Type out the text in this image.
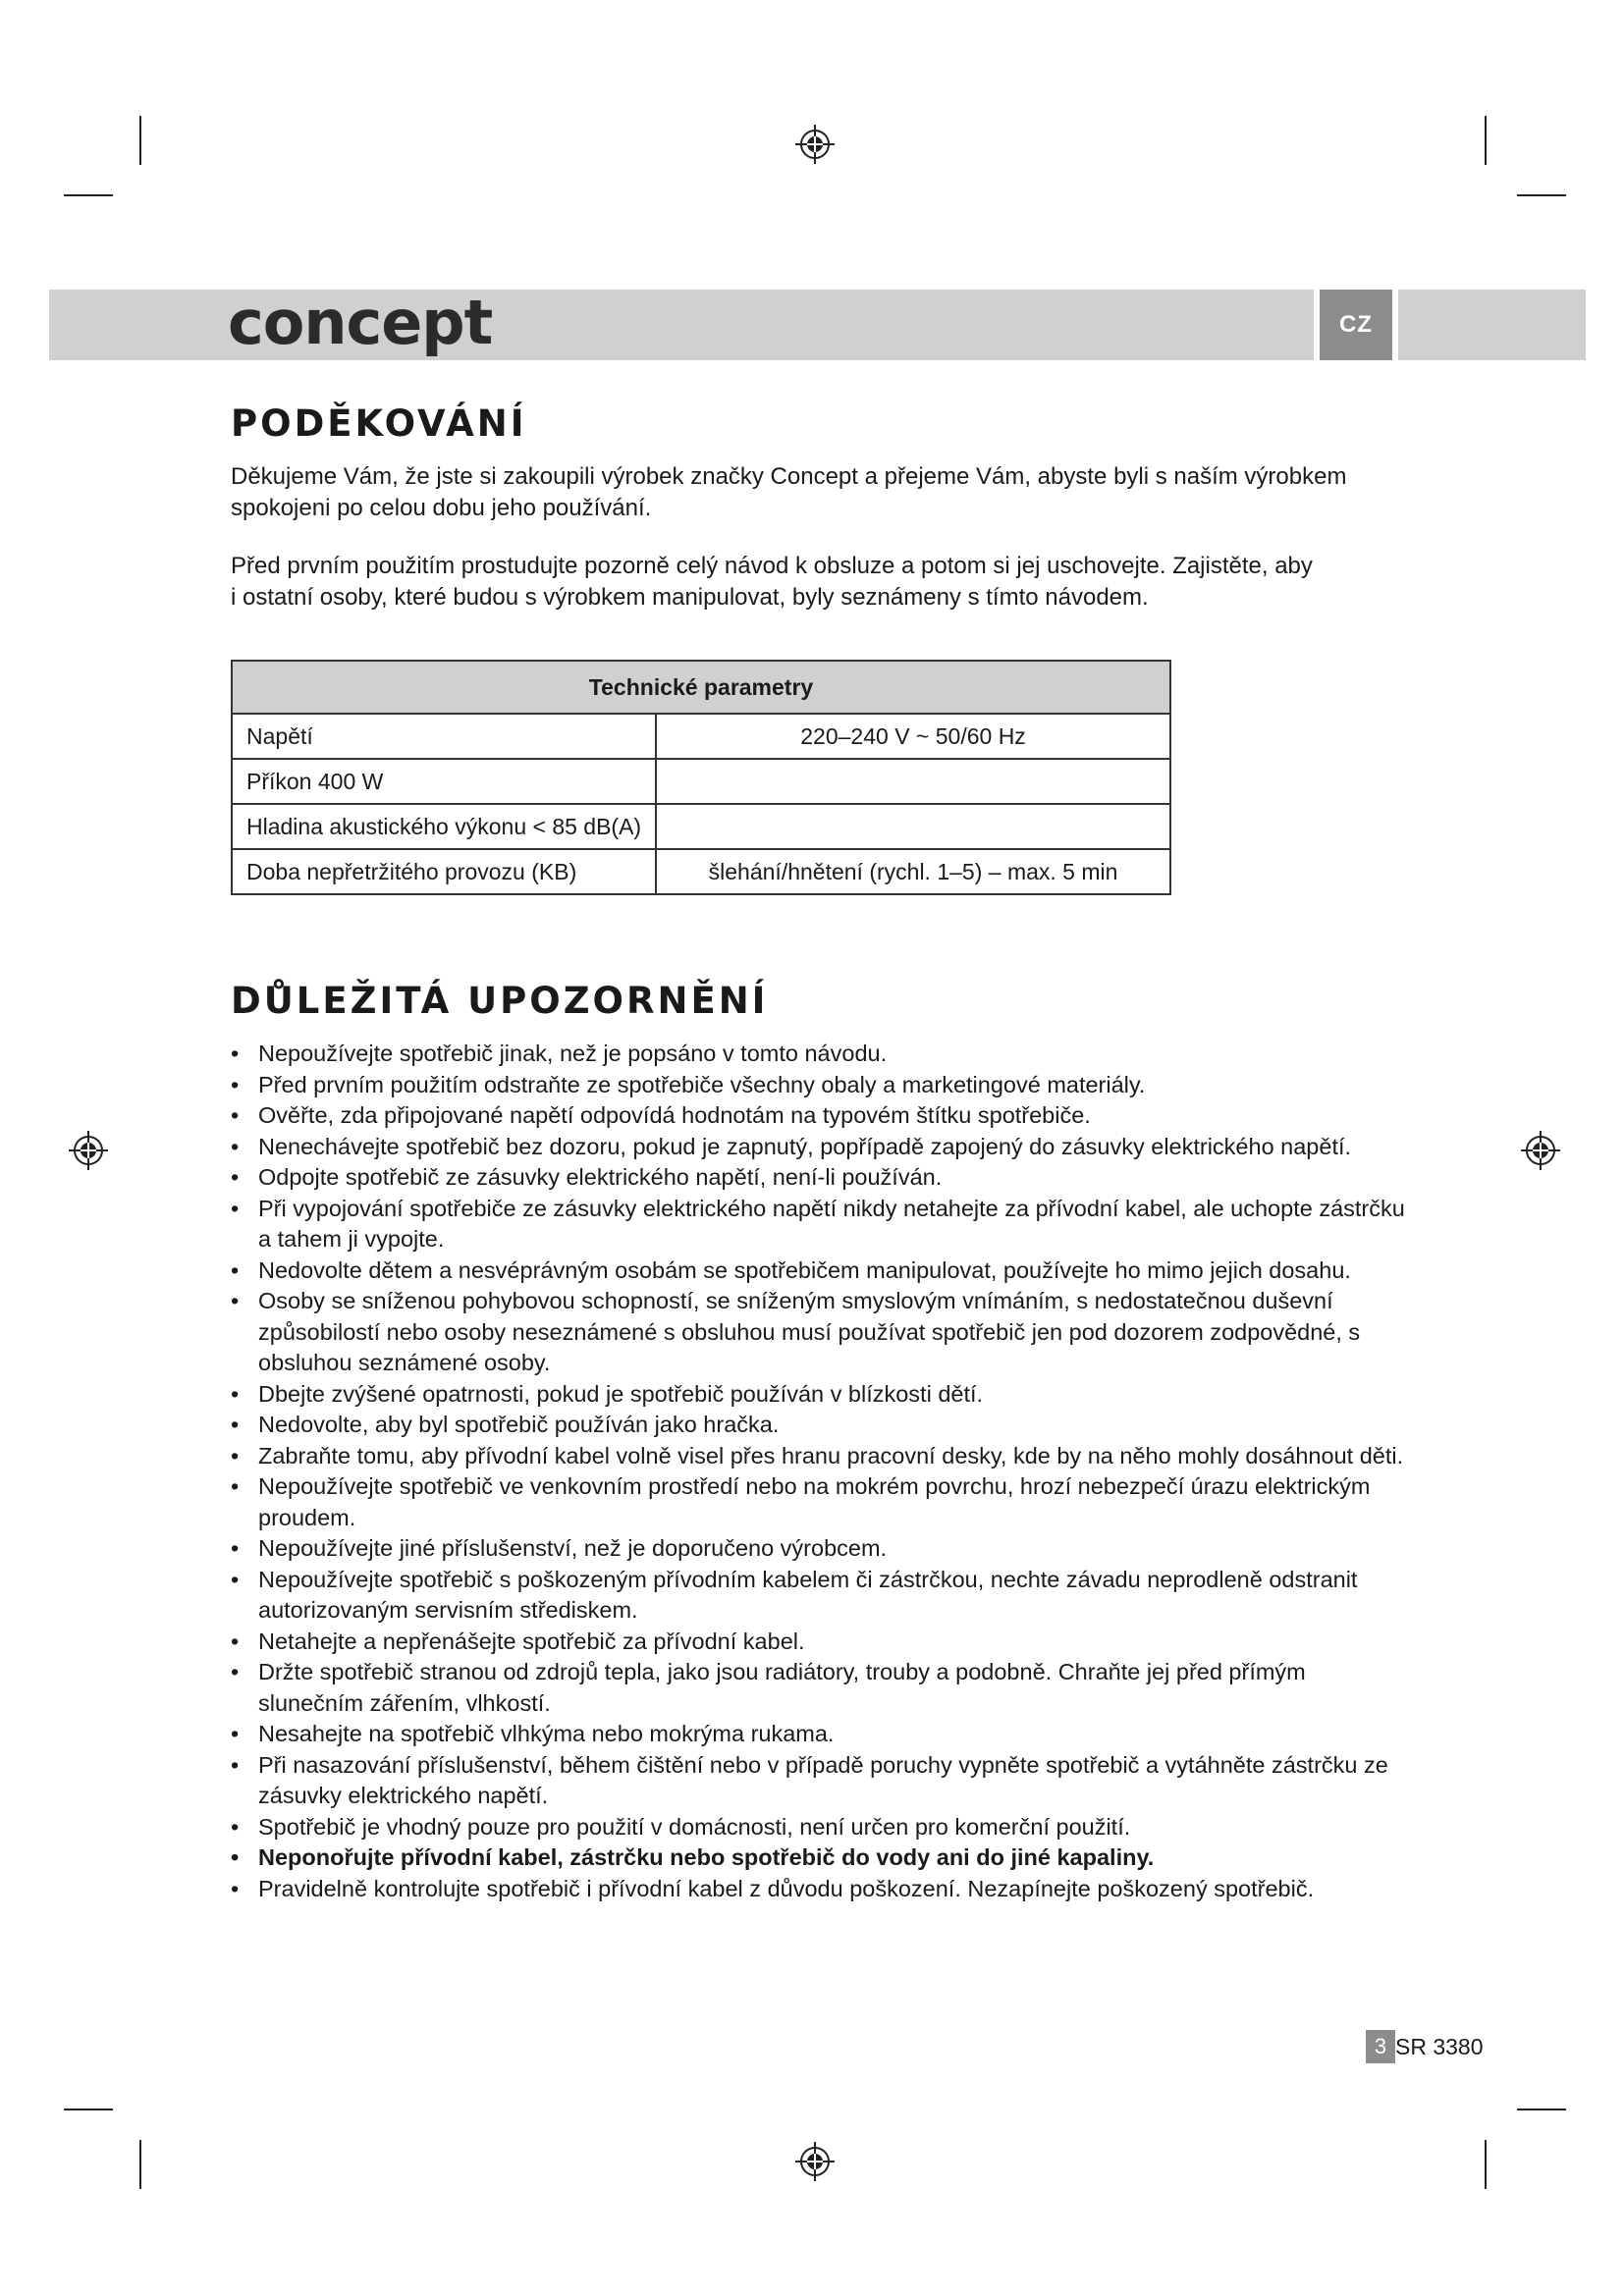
CZ
concept
PODĚKOVÁNÍ
Děkujeme Vám, že jste si zakoupili výrobek značky Concept a přejeme Vám, abyste byli s naším výrobkem
spokojeni po celou dobu jeho používání.
Před prvním použitím prostudujte pozorně celý návod k obsluze a potom si jej uschovejte. Zajistěte, aby
i ostatní osoby, které budou s výrobkem manipulovat, byly seznámeny s tímto návodem.
Technické parametry	
Napětí	220–240 V ~ 50/60 Hz
Příkon 400 W	
Hladina akustického výkonu < 85 dB(A)	
Doba nepřetržitého provozu (KB)	šlehání/hnětení (rychl. 1–5) – max. 5 min
DŮLEŽITÁ UPOZORNĚNÍ
• Nepoužívejte spotřebič jinak, než je popsáno v tomto návodu.
• Před prvním použitím odstraňte ze spotřebiče všechny obaly a marketingové materiály.
• Ověřte, zda připojované napětí odpovídá hodnotám na typovém štítku spotřebiče.
• Nenechávejte spotřebič bez dozoru, pokud je zapnutý, popřípadě zapojený do zásuvky elektrického napětí.
• Odpojte spotřebič ze zásuvky elektrického napětí, není-li používán.
• Při vypojování spotřebiče ze zásuvky elektrického napětí nikdy netahejte za přívodní kabel, ale uchopte zástrčku a tahem ji vypojte.
• Nedovolte dětem a nesvéprávným osobám se spotřebičem manipulovat, používejte ho mimo jejich dosahu.
• Osoby se sníženou pohybovou schopností, se sníženým smyslovým vnímáním, s nedostatečnou duševní způsobilostí nebo osoby neseznámené s obsluhou musí používat spotřebič jen pod dozorem zodpovědné, s obsluhou seznámené osoby.
• Dbejte zvýšené opatrnosti, pokud je spotřebič používán v blízkosti dětí.
• Nedovolte, aby byl spotřebič používán jako hračka.
• Zabraňte tomu, aby přívodní kabel volně visel přes hranu pracovní desky, kde by na něho mohly dosáhnout děti.
• Nepoužívejte spotřebič ve venkovním prostředí nebo na mokrém povrchu, hrozí nebezpečí úrazu elektrickým proudem.
• Nepoužívejte jiné příslušenství, než je doporučeno výrobcem.
• Nepoužívejte spotřebič s poškozeným přívodním kabelem či zástrčkou, nechte závadu neprodleně odstranit autorizovaným servisním střediskem.
• Netahejte a nepřenášejte spotřebič za přívodní kabel.
• Držte spotřebič stranou od zdrojů tepla, jako jsou radiátory, trouby a podobně. Chraňte jej před přímým slunečním zářením, vlhkostí.
• Nesahejte na spotřebič vlhkýma nebo mokrýma rukama.
• Při nasazování příslušenství, během čištění nebo v případě poruchy vypněte spotřebič a vytáhněte zástrčku ze zásuvky elektrického napětí.
• Spotřebič je vhodný pouze pro použití v domácnosti, není určen pro komerční použití.
• Neponořujte přívodní kabel, zástrčku nebo spotřebič do vody ani do jiné kapaliny.
• Pravidelně kontrolujte spotřebič i přívodní kabel z důvodu poškození. Nezapínejte poškozený spotřebič.
3 SR 3380
